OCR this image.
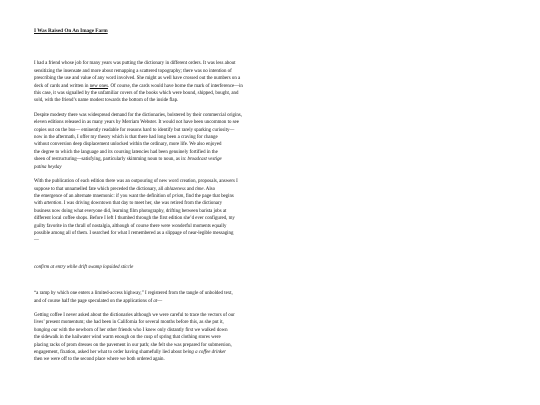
I Was Raised On An Image Farm

I had a friend whose job for many years was putting the dictionary in different orders. It was less about
sensitizing the insensate and more about remapping a scattered topography; there was no intention of
prescribing the use and value of any word involved. She might as well have crossed out the numbers on a
deck of cards and written in new ones. Of course, the cards would have borne the mark of interference—in
this case, it was signalled by the unfamiliar covers of the books which were bound, shipped, bought, and
sold, with the friend’s name modest towards the bottom of the inside flap.

Despite modesty there was widespread demand for the dictionaries, bolstered by their commercial origins,
eleven editions released in as many years by Merriam Webster. It would not have been uncommon to see
copies out on the bus— eminently readable for reasons hard to identify but rarely sparking curiosity—
now in the aftermath, I offer my theory which is that there had long been a craving for change
without conversion deep displacement unlocked within the ordinary, more life. We also enjoyed
the degree to which the language and its coursing latencies had been genuinely fortified in the
sheen of restructuring—satisfying, particularly skimming noun to noun, as in: broadcast vestige
patina heyday

With the publication of each edition there was an outpouring of new word creation, proposals, answers I
suppose to that unnamelled fate which preceded the dictionary, all ablazeness and time. Also
the emergence of an alternate mnemonic: if you want the definition of prism, find the page that begins
with attention. I was driving downtown that day to meet her, she was retired from the dictionary
business now doing what everyone did, learning film photography, drifting between barista jobs at
different local coffee shops. Before I left I thumbed through the first edition she’d ever configured, my
guilty favorite in the thrall of nostalgia, although of course there were wonderful moments equally
possible among all of them. I searched for what I remembered as a slippage of near-legible messaging
—

confirm at entry while drift swamp lopsided sticcle

“a ramp by which one enters a limited-access highway,” I registered from the tangle of unbolded text,
and of course half the page speculated on the applications of at—

Getting coffee I never asked about the dictionaries although we were careful to trace the vectors of our
lives’ present momentum; she had been in California for several months before this, as she put it,
hanging out with the newborn of her other friends who I knew only distantly first we walked down
the sidewalk in the hailwater wind warm enough on the cusp of spring that clothing stores were
placing racks of prom dresses on the pavement in our path; she felt she was prepared for submersion,
engagement, fixation, asked her what to order having shamefully lied about being a coffee drinker
then we were off to the second place where we both ordered again.
